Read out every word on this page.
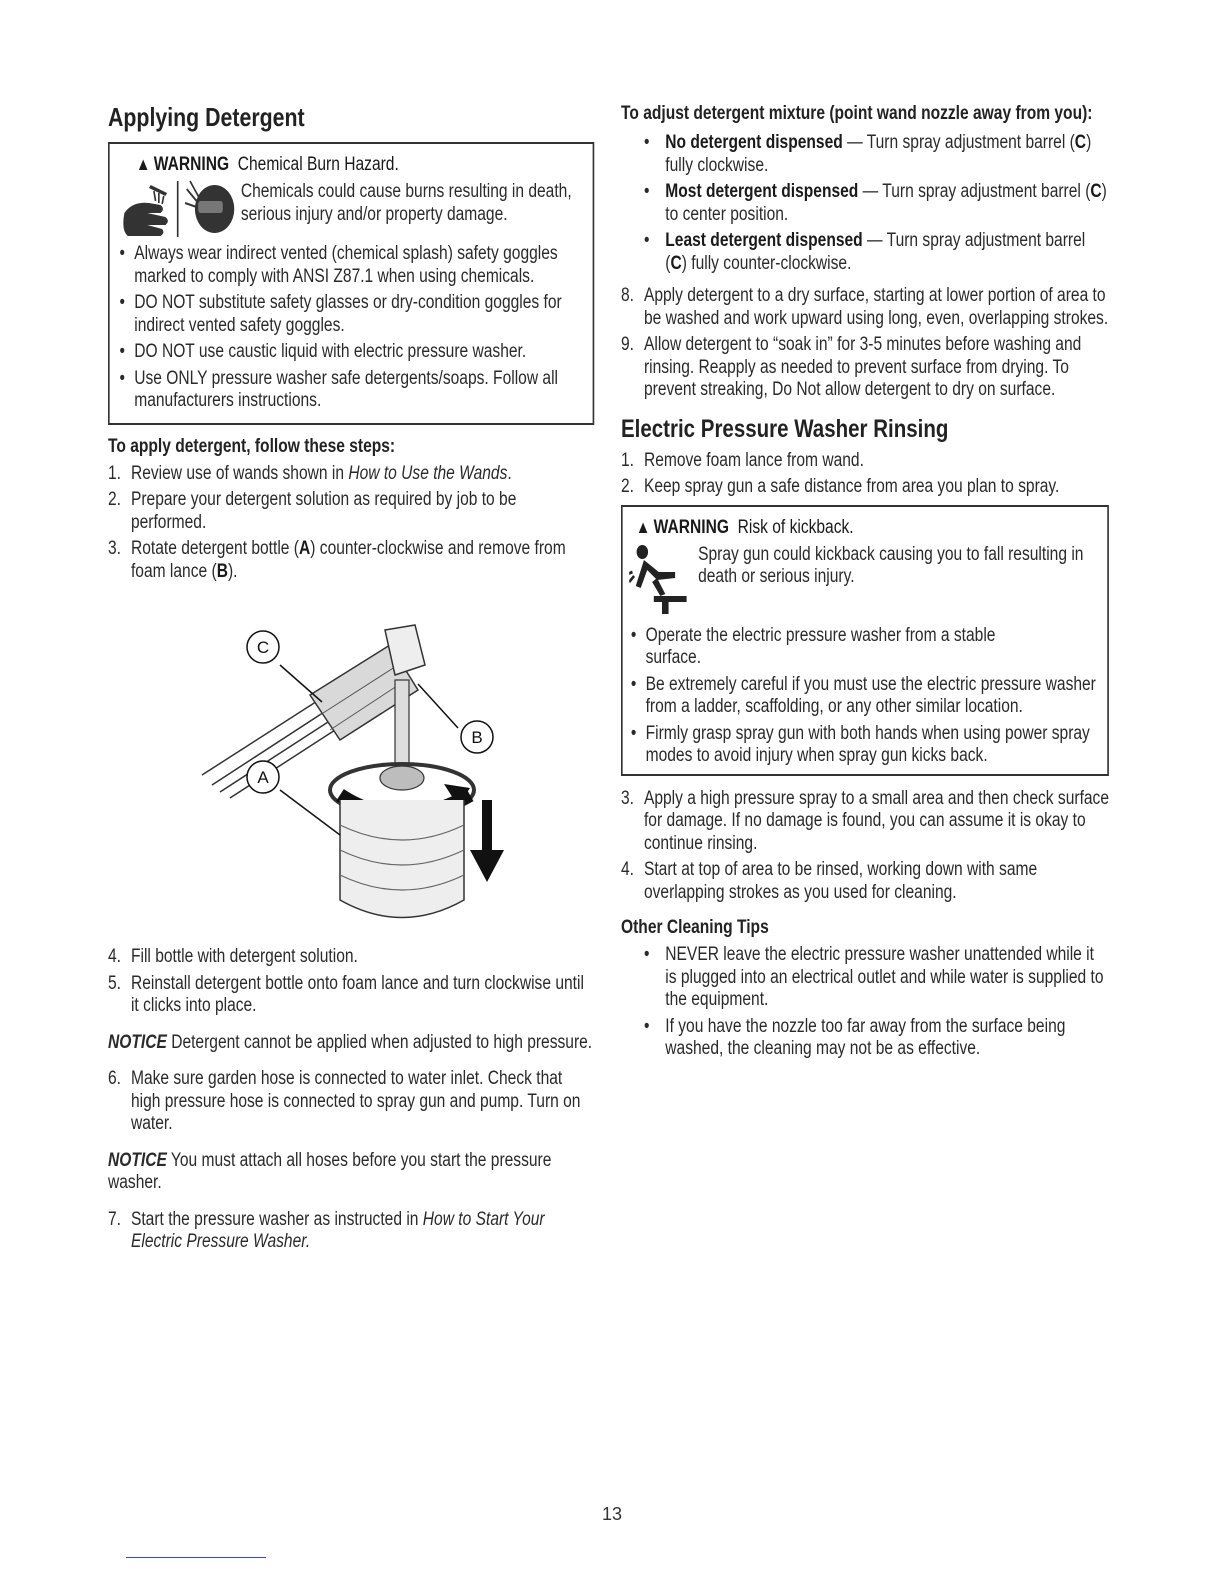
Applying Detergent
▲ WARNING Chemical Burn Hazard.
Chemicals could cause burns resulting in death, serious injury and/or property damage.
• Always wear indirect vented (chemical splash) safety goggles marked to comply with ANSI Z87.1 when using chemicals.
• DO NOT substitute safety glasses or dry-condition goggles for indirect vented safety goggles.
• DO NOT use caustic liquid with electric pressure washer.
• Use ONLY pressure washer safe detergents/soaps. Follow all manufacturers instructions.
To apply detergent, follow these steps:
1. Review use of wands shown in How to Use the Wands.
2. Prepare your detergent solution as required by job to be performed.
3. Rotate detergent bottle (A) counter-clockwise and remove from foam lance (B).
C
B
A
4. Fill bottle with detergent solution.
5. Reinstall detergent bottle onto foam lance and turn clockwise until it clicks into place.
NOTICE Detergent cannot be applied when adjusted to high pressure.
6. Make sure garden hose is connected to water inlet. Check that high pressure hose is connected to spray gun and pump. Turn on water.
NOTICE You must attach all hoses before you start the pressure washer.
7. Start the pressure washer as instructed in How to Start Your Electric Pressure Washer.
To adjust detergent mixture (point wand nozzle away from you):
• No detergent dispensed — Turn spray adjustment barrel (C) fully clockwise.
• Most detergent dispensed — Turn spray adjustment barrel (C) to center position.
• Least detergent dispensed — Turn spray adjustment barrel (C) fully counter-clockwise.
8. Apply detergent to a dry surface, starting at lower portion of area to be washed and work upward using long, even, overlapping strokes.
9. Allow detergent to “soak in” for 3-5 minutes before washing and rinsing. Reapply as needed to prevent surface from drying. To prevent streaking, Do Not allow detergent to dry on surface.
Electric Pressure Washer Rinsing
1. Remove foam lance from wand.
2. Keep spray gun a safe distance from area you plan to spray.
▲ WARNING Risk of kickback.
Spray gun could kickback causing you to fall resulting in death or serious injury.
• Operate the electric pressure washer from a stable surface.
• Be extremely careful if you must use the electric pressure washer from a ladder, scaffolding, or any other similar location.
• Firmly grasp spray gun with both hands when using power spray modes to avoid injury when spray gun kicks back.
3. Apply a high pressure spray to a small area and then check surface for damage. If no damage is found, you can assume it is okay to continue rinsing.
4. Start at top of area to be rinsed, working down with same overlapping strokes as you used for cleaning.
Other Cleaning Tips
• NEVER leave the electric pressure washer unattended while it is plugged into an electrical outlet and while water is supplied to the equipment.
• If you have the nozzle too far away from the surface being washed, the cleaning may not be as effective.
13
